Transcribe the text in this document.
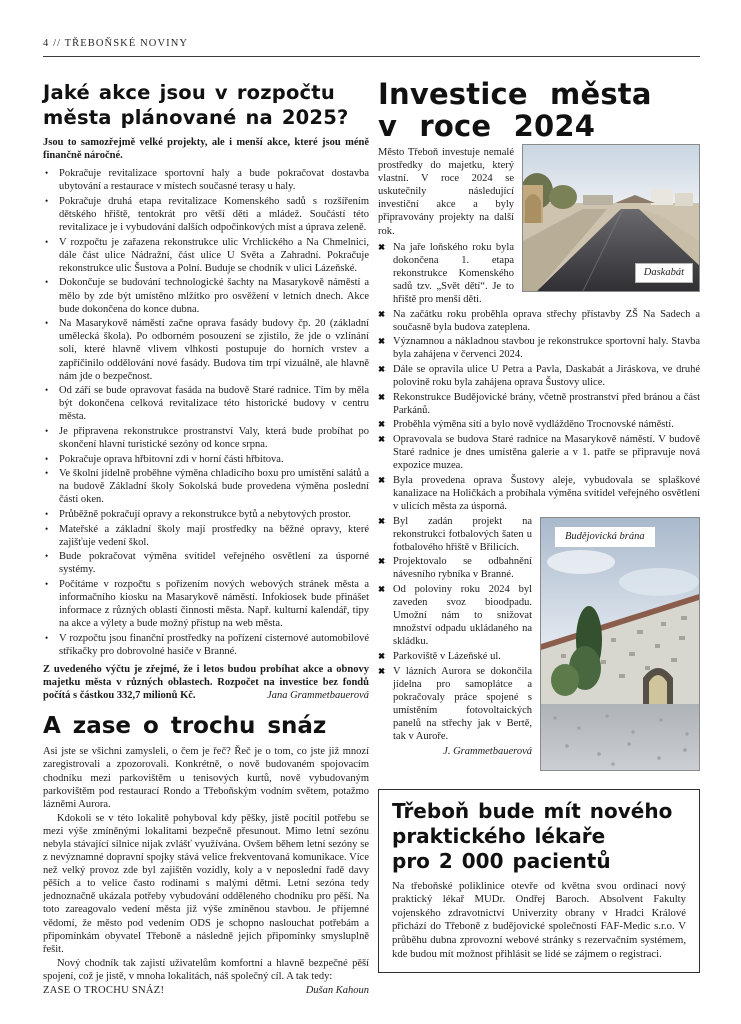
4 // TŘEBOŇSKÉ NOVINY
Jaké akce jsou v rozpočtu
města plánované na 2025?

Jsou to samozřejmě velké projekty, ale i menší akce, které jsou méně finančně náročné.

• Pokračuje revitalizace sportovní haly a bude pokračovat dostavba ubytování a restaurace v místech současné terasy u haly.
• Pokračuje druhá etapa revitalizace Komenského sadů s rozšířením dětského hřiště, tentokrát pro větší děti a mládež. Součástí této revitalizace je i vybudování dalších odpočinkových míst a úprava zeleně.
• V rozpočtu je zařazena rekonstrukce ulic Vrchlického a Na Chmelnici, dále část ulice Nádražní, část ulice U Světa a Zahradní. Pokračuje rekonstrukce ulic Šustova a Polní. Buduje se chodník v ulici Lázeňské.
• Dokončuje se budování technologické šachty na Masarykově náměstí a mělo by zde být umístěno mlžítko pro osvěžení v letních dnech. Akce bude dokončena do konce dubna.
• Na Masarykově náměstí začne oprava fasády budovy čp. 20 (základní umělecká škola). Po odborném posouzení se zjistilo, že jde o vzlínání solí, které hlavně vlivem vlhkosti postupuje do horních vrstev a zapříčinilo oddělování nové fasády. Budova tím trpí vizuálně, ale hlavně nám jde o bezpečnost.
• Od září se bude opravovat fasáda na budově Staré radnice. Tím by měla být dokončena celková revitalizace této historické budovy v centru města.
• Je připravena rekonstrukce prostranství Valy, která bude probíhat po skončení hlavní turistické sezóny od konce srpna.
• Pokračuje oprava hřbitovní zdi v horní části hřbitova.
• Ve školní jídelně proběhne výměna chladicího boxu pro umístění salátů a na budově Základní školy Sokolská bude provedena výměna poslední části oken.
• Průběžně pokračují opravy a rekonstrukce bytů a nebytových prostor.
• Mateřské a základní školy mají prostředky na běžné opravy, které zajišťuje vedení škol.
• Bude pokračovat výměna svítidel veřejného osvětlení za úsporné systémy.
• Počítáme v rozpočtu s pořízením nových webových stránek města a informačního kiosku na Masarykově náměstí. Infokiosek bude přinášet informace z různých oblastí činnosti města. Např. kulturní kalendář, tipy na akce a výlety a bude možný přístup na web města.
• V rozpočtu jsou finanční prostředky na pořízení cisternové automobilové stříkačky pro dobrovolné hasiče v Branné.

Z uvedeného výčtu je zřejmé, že i letos budou probíhat akce a obnovy majetku města v různých oblastech. Rozpočet na investice bez fondů počítá s částkou 332,7 milionů Kč.	Jana Grammetbauerová

A zase o trochu snáz

Asi jste se všichni zamysleli, o čem je řeč? Řeč je o tom, co jste již mnozí zaregistrovali a zpozorovali. Konkrétně, o nově budovaném spojovacím chodníku mezi parkovištěm u tenisových kurtů, nově vybudovaným parkovištěm pod restaurací Rondo a Třeboňským vodním světem, potažmo lázněmi Aurora.

Kdokoli se v této lokalitě pohyboval kdy pěšky, jistě pocítil potřebu se mezi výše zmíněnými lokalitami bezpečně přesunout. Mimo letní sezónu nebyla stávající silnice nijak zvlášť využívána. Ovšem během letní sezóny se z nevýznamné dopravní spojky stává velice frekventovaná komunikace. Více než velký provoz zde byl zajištěn vozidly, koly a v neposlední řadě davy pěších a to velice často rodinami s malými dětmi. Letní sezóna tedy jednoznačně ukázala potřeby vybudování odděleného chodníku pro pěší. Na toto zareagovalo vedení města již výše zmíněnou stavbou. Je příjemné vědomí, že město pod vedením ODS je schopno naslouchat potřebám a připomínkám obyvatel Třeboně a následně jejich připomínky smysluplně řešit.

Nový chodník tak zajistí uživatelům komfortní a hlavně bezpečné pěší spojení, což je jistě, v mnoha lokalitách, náš společný cíl. A tak tedy:

ZASE O TROCHU SNÁZ!	Dušan Kahoun
Investice města
v roce 2024
Daskabát

Město Třeboň investuje nemalé prostředky do majetku, který vlastní. V roce 2024 se uskutečnily následující investiční akce a byly připravovány projekty na další rok.

✖ Na jaře loňského roku byla dokončena 1. etapa rekonstrukce Komenského sadů tzv. „Svět dětí“. Je to hřiště pro menší děti.
✖ Na začátku roku proběhla oprava střechy přístavby ZŠ Na Sadech a současně byla budova zateplena.
✖ Významnou a nákladnou stavbou je rekonstrukce sportovní haly. Stavba byla zahájena v červenci 2024.
✖ Dále se opravila ulice U Petra a Pavla, Daskabát a Jiráskova, ve druhé polovině roku byla zahájena oprava Šustovy ulice.
✖ Rekonstrukce Budějovické brány, včetně prostranství před bránou a část Parkánů.
✖ Proběhla výměna sítí a bylo nově vydlážděno Trocnovské náměstí.
✖ Opravovala se budova Staré radnice na Masarykově náměstí. V budově Staré radnice je dnes umístěna galerie a v 1. patře se připravuje nová expozice muzea.
✖ Byla provedena oprava Šustovy aleje, vybudovala se splaškové kanalizace na Holičkách a probíhala výměna svítidel veřejného osvětlení v ulicích města za úsporná.
Budějovická brána
✖ Byl zadán projekt na rekonstrukci fotbalových šaten u fotbalového hřiště v Břilicích.
✖ Projektovalo se odbahnění návesního rybníka v Branné.
✖ Od poloviny roku 2024 byl zaveden svoz bioodpadu. Umožní nám to snižovat množství odpadu ukládaného na skládku.
✖ Parkoviště v Lázeňské ul.
✖ V lázních Aurora se dokončila jídelna pro samoplátce a pokračovaly práce spojené s umístěním fotovoltaických panelů na střechy jak v Bertě, tak v Auroře.
J. Grammetbauerová
Třeboň bude mít nového
praktického lékaře
pro 2 000 pacientů

Na třeboňské poliklinice otevře od května svou ordinaci nový praktický lékař MUDr. Ondřej Baroch. Absolvent Fakulty vojenského zdravotnictví Univerzity obrany v Hradci Králové přichází do Třeboně z budějovické společnosti FAF-Medic s.r.o. V průběhu dubna zprovozní webové stránky s rezervačním systémem, kde budou mít možnost přihlásit se lidé se zájmem o registraci.
